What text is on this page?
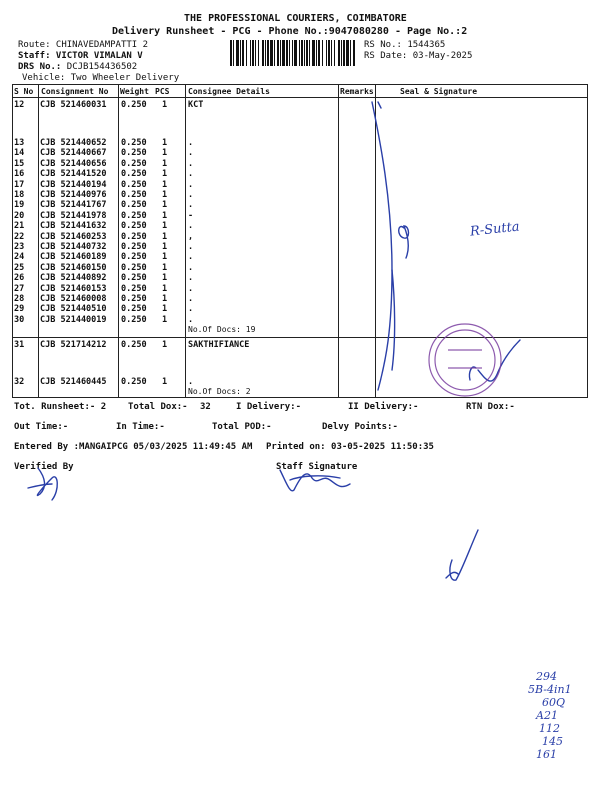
THE PROFESSIONAL COURIERS, COIMBATORE
Delivery Runsheet - PCG - Phone No.:9047080280 - Page No.:2
Route: CHINAVEDAMPATTI 2
Staff: VICTOR VIMALAN V
DRS No.: DCJB154436502
Vehicle: Two Wheeler Delivery
RS No.: 1544365
RS Date: 03-May-2025
S No Consignment No Weight PCS Consignee Details	Remarks	Seal & Signature
12 CJB 521460031 0.250 1 KCT
13 CJB 521440652 0.250 1 .
14 CJB 521440667 0.250 1 .
15 CJB 521440656 0.250 1 .
16 CJB 521441520 0.250 1 .
17 CJB 521440194 0.250 1 .
18 CJB 521440976 0.250 1 .
19 CJB 521441767 0.250 1 .
20 CJB 521441978 0.250 1 -
21 CJB 521441632 0.250 1 .
22 CJB 521460253 0.250 1 ,
23 CJB 521440732 0.250 1 .
24 CJB 521460189 0.250 1 .
25 CJB 521460150 0.250 1 .
26 CJB 521440892 0.250 1 .
27 CJB 521460153 0.250 1 .
28 CJB 521460008 0.250 1 .
29 CJB 521440510 0.250 1 .
30 CJB 521440019 0.250 1 .
No.Of Docs: 19
31 CJB 521714212 0.250 1 SAKTHIFIANCE
32 CJB 521460445 0.250 1 .
No.Of Docs: 2
Tot. Runsheet:- 2 Total Dox:- 32	I Delivery:-	II Delivery:-	RTN Dox:-
Out Time:-	In Time:-	Total POD:-	Delvy Points:-
Entered By :MANGAIPCG 05/03/2025 11:49:45 AM Printed on: 03-05-2025 11:50:35
Verified By	Staff Signature
R-Sutta
294
5B-4in1
60Q
A21
112
145
161
